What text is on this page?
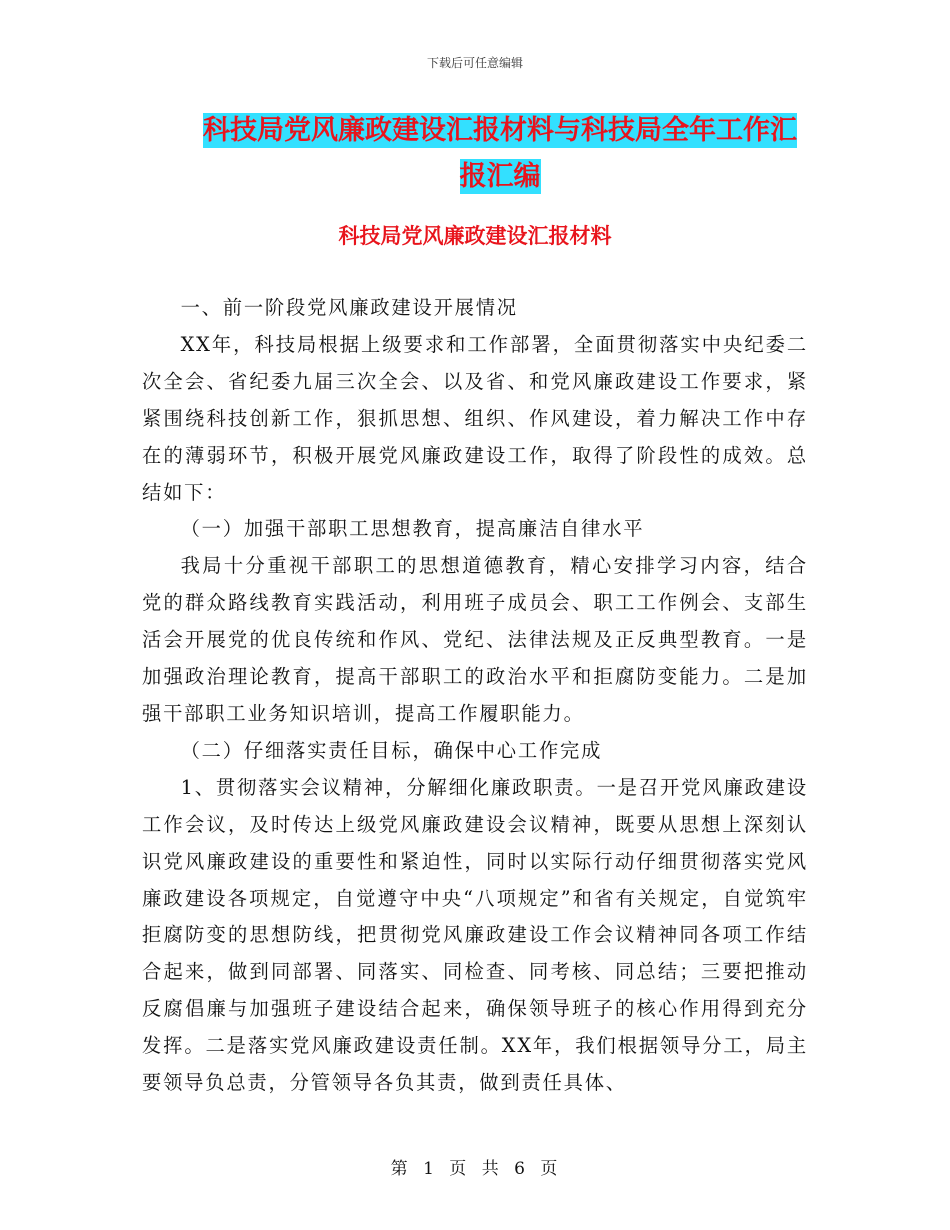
下载后可任意编辑
科技局党风廉政建设汇报材料与科技局全年工作汇报汇编
科技局党风廉政建设汇报材料

一、前一阶段党风廉政建设开展情况

XX年，科技局根据上级要求和工作部署，全面贯彻落实中央纪委二次全会、省纪委九届三次全会、以及省、和党风廉政建设工作要求，紧紧围绕科技创新工作，狠抓思想、组织、作风建设，着力解决工作中存在的薄弱环节，积极开展党风廉政建设工作，取得了阶段性的成效。总结如下：

（一）加强干部职工思想教育，提高廉洁自律水平

我局十分重视干部职工的思想道德教育，精心安排学习内容，结合党的群众路线教育实践活动，利用班子成员会、职工工作例会、支部生活会开展党的优良传统和作风、党纪、法律法规及正反典型教育。一是加强政治理论教育，提高干部职工的政治水平和拒腐防变能力。二是加强干部职工业务知识培训，提高工作履职能力。

（二）仔细落实责任目标，确保中心工作完成

1、贯彻落实会议精神，分解细化廉政职责。一是召开党风廉政建设工作会议，及时传达上级党风廉政建设会议精神，既要从思想上深刻认识党风廉政建设的重要性和紧迫性，同时以实际行动仔细贯彻落实党风廉政建设各项规定，自觉遵守中央“八项规定”和省有关规定，自觉筑牢拒腐防变的思想防线，把贯彻党风廉政建设工作会议精神同各项工作结合起来，做到同部署、同落实、同检查、同考核、同总结；三要把推动反腐倡廉与加强班子建设结合起来，确保领导班子的核心作用得到充分发挥。二是落实党风廉政建设责任制。XX年，我们根据领导分工，局主要领导负总责，分管领导各负其责，做到责任具体、

第 1 页 共 6 页
